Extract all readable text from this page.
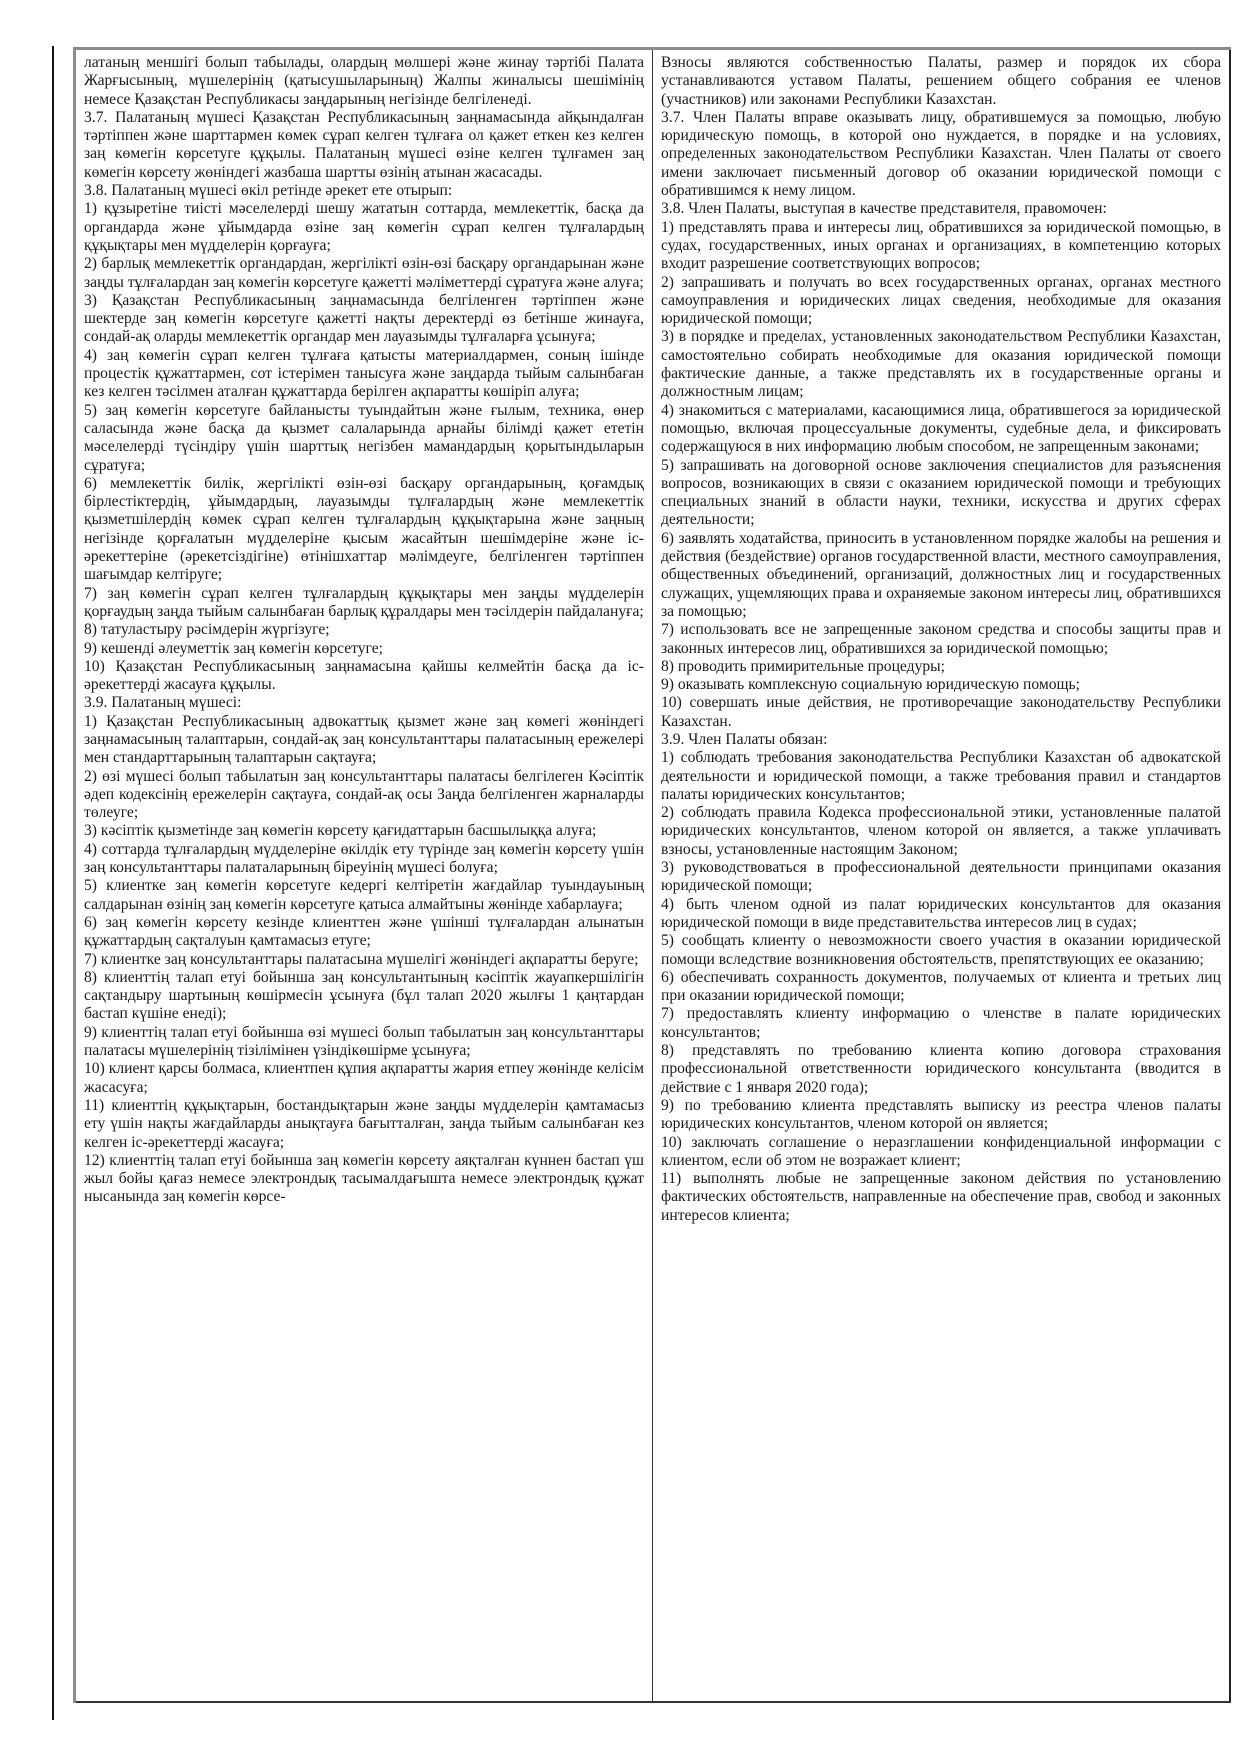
латаның меншігі болып табылады, олардың мөлшері және жинау тәртібі Палата Жарғысының, мүшелерінің (қатысушыларының) Жалпы жиналысы шешімінің немесе Қазақстан Республикасы заңдарының негізінде белгіленеді.

3.7. Палатаның мүшесі Қазақстан Республикасының заңнамасында айқындалған тәртіппен және шарттармен көмек сұрап келген тұлғаға ол қажет еткен кез келген заң көмегін көрсетуге құқылы. Палатаның мүшесі өзіне келген тұлғамен заң көмегін көрсету жөніндегі жазбаша шартты өзінің атынан жасасады.

3.8. Палатаның мүшесі өкіл ретінде әрекет ете отырып:

1) құзыретіне тиісті мәселелерді шешу жататын соттарда, мемлекеттік, басқа да органдарда және ұйымдарда өзіне заң көмегін сұрап келген тұлғалардың құқықтары мен мүдделерін қорғауға;

2) барлық мемлекеттік органдардан, жергілікті өзін-өзі басқару органдарынан және заңды тұлғалардан заң көмегін көрсетуге қажетті мәліметтерді сұратуға және алуға;

3) Қазақстан Республикасының заңнамасында белгіленген тәртіппен және шектерде заң көмегін көрсетуге қажетті нақты деректерді өз бетінше жинауға, сондай-ақ оларды мемлекеттік органдар мен лауазымды тұлғаларға ұсынуға;

4) заң көмегін сұрап келген тұлғаға қатысты материалдармен, соның ішінде процестік құжаттармен, сот істерімен танысуға және заңдарда тыйым салынбаған кез келген тәсілмен аталған құжаттарда берілген ақпаратты көшіріп алуға;

5) заң көмегін көрсетуге байланысты туындайтын және ғылым, техника, өнер саласында және басқа да қызмет салаларында арнайы білімді қажет ететін мәселелерді түсіндіру үшін шарттық негізбен мамандардың қорытындыларын сұратуға;

6) мемлекеттік билік, жергілікті өзін-өзі басқару органдарының, қоғамдық бірлестіктердің, ұйымдардың, лауазымды тұлғалардың және мемлекеттік қызметшілердің көмек сұрап келген тұлғалардың құқықтарына және заңның негізінде қорғалатын мүдделеріне қысым жасайтын шешімдеріне және іс-әрекеттеріне (әрекетсіздігіне) өтінішхаттар мәлімдеуге, белгіленген тәртіппен шағымдар келтіруге;

7) заң көмегін сұрап келген тұлғалардың құқықтары мен заңды мүдделерін қорғаудың заңда тыйым салынбаған барлық құралдары мен тәсілдерін пайдалануға;

8) татуластыру рәсімдерін жүргізуге;

9) кешенді әлеуметтік заң көмегін көрсетуге;

10) Қазақстан Республикасының заңнамасына қайшы келмейтін басқа да іс-әрекеттерді жасауға құқылы.

3.9. Палатаның мүшесі:

1) Қазақстан Республикасының адвокаттық қызмет және заң көмегі жөніндегі заңнамасының талаптарын, сондай-ақ заң консультанттары палатасының ережелері мен стандарттарының талаптарын сақтауға;

2) өзі мүшесі болып табылатын заң консультанттары палатасы белгілеген Кәсіптік әдеп кодексінің ережелерін сақтауға, сондай-ақ осы Заңда белгіленген жарналарды төлеуге;

3) кәсіптік қызметінде заң көмегін көрсету қағидаттарын басшылыққа алуға;

4) соттарда тұлғалардың мүдделеріне өкілдік ету түрінде заң көмегін көрсету үшін заң консультанттары палаталарының біреуінің мүшесі болуға;

5) клиентке заң көмегін көрсетуге кедергі келтіретін жағдайлар туындауының салдарынан өзінің заң көмегін көрсетуге қатыса алмайтыны жөнінде хабарлауға;

6) заң көмегін көрсету кезінде клиенттен және үшінші тұлғалардан алынатын құжаттардың сақталуын қамтамасыз етуге;

7) клиентке заң консультанттары палатасына мүшелігі жөніндегі ақпаратты беруге;

8) клиенттің талап етуі бойынша заң консультантының кәсіптік жауапкершілігін сақтандыру шартының көшірмесін ұсынуға (бұл талап 2020 жылғы 1 қаңтардан бастап күшіне енеді);

9) клиенттің талап етуі бойынша өзі мүшесі болып табылатын заң консультанттары палатасы мүшелерінің тізілімінен үзіндікөшірме ұсынуға;

10) клиент қарсы болмаса, клиентпен құпия ақпаратты жария етпеу жөнінде келісім жасасуға;

11) клиенттің құқықтарын, бостандықтарын және заңды мүдделерін қамтамасыз ету үшін нақты жағдайларды анықтауға бағытталған, заңда тыйым салынбаған кез келген іс-әрекеттерді жасауға;

12) клиенттің талап етуі бойынша заң көмегін көрсету аяқталған күннен бастап үш жыл бойы қағаз немесе электрондық тасымалдағышта немесе электрондық құжат нысанында заң көмегін көрсе-

Взносы являются собственностью Палаты, размер и порядок их сбора устанавливаются уставом Палаты, решением общего собрания ее членов (участников) или законами Республики Казахстан.

3.7. Член Палаты вправе оказывать лицу, обратившемуся за помощью, любую юридическую помощь, в которой оно нуждается, в порядке и на условиях, определенных законодательством Республики Казахстан. Член Палаты от своего имени заключает письменный договор об оказании юридической помощи с обратившимся к нему лицом.

3.8. Член Палаты, выступая в качестве представителя, правомочен:

1) представлять права и интересы лиц, обратившихся за юридической помощью, в судах, государственных, иных органах и организациях, в компетенцию которых входит разрешение соответствующих вопросов;

2) запрашивать и получать во всех государственных органах, органах местного самоуправления и юридических лицах сведения, необходимые для оказания юридической помощи;

3) в порядке и пределах, установленных законодательством Республики Казахстан, самостоятельно собирать необходимые для оказания юридической помощи фактические данные, а также представлять их в государственные органы и должностным лицам;

4) знакомиться с материалами, касающимися лица, обратившегося за юридической помощью, включая процессуальные документы, судебные дела, и фиксировать содержащуюся в них информацию любым способом, не запрещенным законами;

5) запрашивать на договорной основе заключения специалистов для разъяснения вопросов, возникающих в связи с оказанием юридической помощи и требующих специальных знаний в области науки, техники, искусства и других сферах деятельности;

6) заявлять ходатайства, приносить в установленном порядке жалобы на решения и действия (бездействие) органов государственной власти, местного самоуправления, общественных объединений, организаций, должностных лиц и государственных служащих, ущемляющих права и охраняемые законом интересы лиц, обратившихся за помощью;

7) использовать все не запрещенные законом средства и способы защиты прав и законных интересов лиц, обратившихся за юридической помощью;

8) проводить примирительные процедуры;

9) оказывать комплексную социальную юридическую помощь;

10) совершать иные действия, не противоречащие законодательству Республики Казахстан.

3.9. Член Палаты обязан:

1) соблюдать требования законодательства Республики Казахстан об адвокатской деятельности и юридической помощи, а также требования правил и стандартов палаты юридических консультантов;

2) соблюдать правила Кодекса профессиональной этики, установленные палатой юридических консультантов, членом которой он является, а также уплачивать взносы, установленные настоящим Законом;

3) руководствоваться в профессиональной деятельности принципами оказания юридической помощи;

4) быть членом одной из палат юридических консультантов для оказания юридической помощи в виде представительства интересов лиц в судах;

5) сообщать клиенту о невозможности своего участия в оказании юридической помощи вследствие возникновения обстоятельств, препятствующих ее оказанию;

6) обеспечивать сохранность документов, получаемых от клиента и третьих лиц при оказании юридической помощи;

7) предоставлять клиенту информацию о членстве в палате юридических консультантов;

8) представлять по требованию клиента копию договора страхования профессиональной ответственности юридического консультанта (вводится в действие с 1 января 2020 года);

9) по требованию клиента представлять выписку из реестра членов палаты юридических консультантов, членом которой он является;

10) заключать соглашение о неразглашении конфиденциальной информации с клиентом, если об этом не возражает клиент;

11) выполнять любые не запрещенные законом действия по установлению фактических обстоятельств, направленные на обеспечение прав, свобод и законных интересов клиента;
